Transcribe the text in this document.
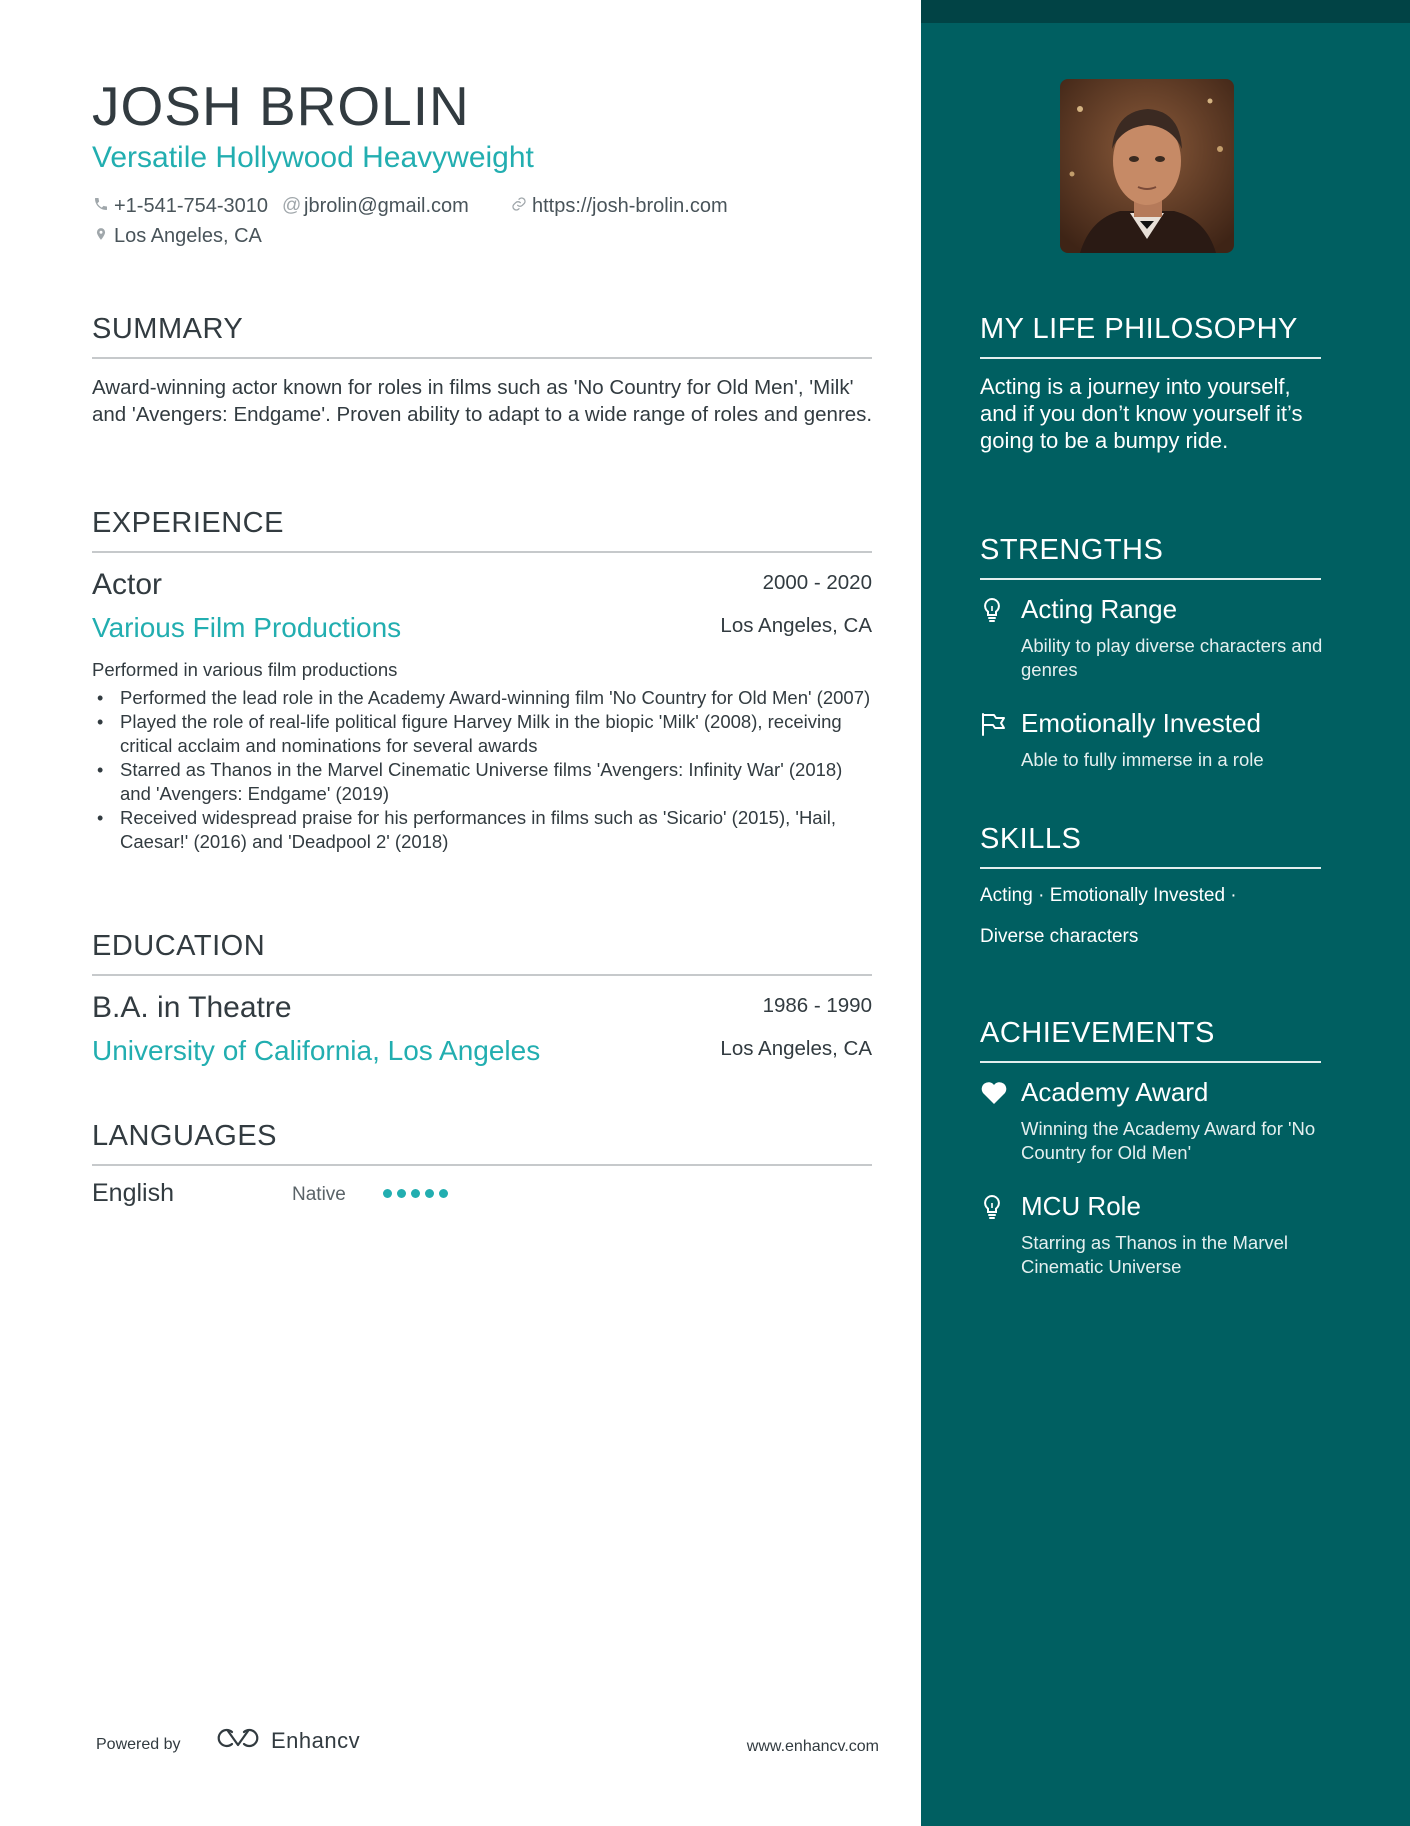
JOSH BROLIN
Versatile Hollywood Heavyweight
+1-541-754-3010 @ jbrolin@gmail.com	https://josh-brolin.com
Los Angeles, CA
SUMMARY
Award-winning actor known for roles in films such as 'No Country for Old Men', 'Milk' and 'Avengers: Endgame'. Proven ability to adapt to a wide range of roles and genres.
EXPERIENCE
Actor	2000 - 2020
Various Film Productions	Los Angeles, CA
Performed in various film productions
• Performed the lead role in the Academy Award-winning film 'No Country for Old Men' (2007)
• Played the role of real-life political figure Harvey Milk in the biopic 'Milk' (2008), receiving critical acclaim and nominations for several awards
• Starred as Thanos in the Marvel Cinematic Universe films 'Avengers: Infinity War' (2018) and 'Avengers: Endgame' (2019)
• Received widespread praise for his performances in films such as 'Sicario' (2015), 'Hail, Caesar!' (2016) and 'Deadpool 2' (2018)
EDUCATION
B.A. in Theatre	1986 - 1990
University of California, Los Angeles	Los Angeles, CA
LANGUAGES
English	Native
Powered by	Enhancv	www.enhancv.com
MY LIFE PHILOSOPHY
Acting is a journey into yourself, and if you don’t know yourself it’s going to be a bumpy ride.
STRENGTHS
Acting Range
Ability to play diverse characters and genres
Emotionally Invested
Able to fully immerse in a role
SKILLS
Acting · Emotionally Invested ·
Diverse characters
ACHIEVEMENTS
Academy Award
Winning the Academy Award for 'No Country for Old Men'
MCU Role
Starring as Thanos in the Marvel Cinematic Universe
